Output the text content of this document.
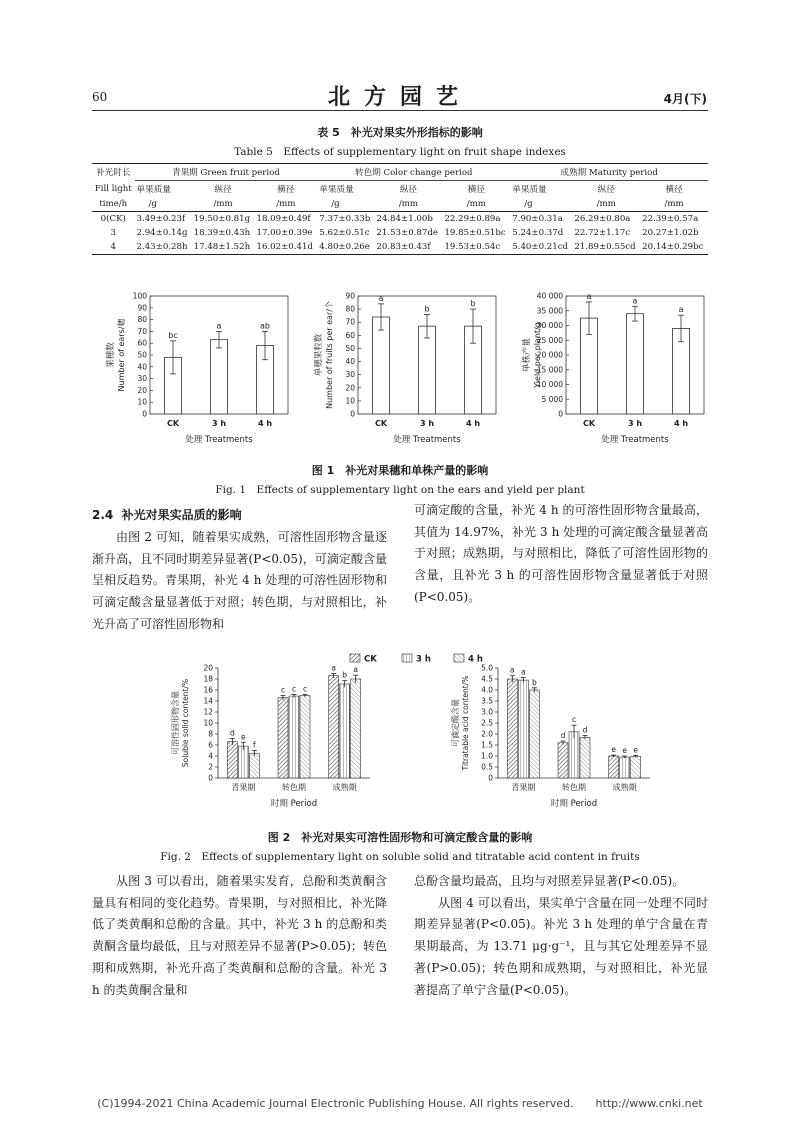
60	北方园艺	4月(下)
表 5　补光对果实外形指标的影响
Table 5　Effects of supplementary light on fruit shape indexes
补光时长	青果期 Green fruit period			转色期 Color change period			成熟期 Maturity period		
Fill light	单果质量	纵径	横径	单果质量	纵径	横径	单果质量	纵径	横径
time/h	/g	/mm	/mm	/g	/mm	/mm	/g	/mm	/mm
0(CK)	3.49±0.23f	19.50±0.81g	18.09±0.49f	7.37±0.33b	24.84±1.00b	22.29±0.89a	7.90±0.31a	26.29±0.80a	22.39±0.57a
3	2.94±0.14g	18.39±0.43h	17.00±0.39e	5.62±0.51c	21.53±0.87de	19.85±0.51bc	5.24±0.37d	22.72±1.17c	20.27±1.02b
4	2.43±0.28h	17.48±1.52h	16.02±0.41d	4.80±0.26e	20.83±0.43f	19.53±0.54c	5.40±0.21cd	21.89±0.55cd	20.14±0.29bc
0
10
20
30
40
50
60
70
80
90
100
bc
CK
a
3 h
ab
4 h
处理 Treatments
果穗数 Number of ears/穗
0
10
20
30
40
50
60
70
80
90	a
CK
b
3 h
b
4 h
处理 Treatments
单穗果粒数 Number of fruits per ear/个
0
5 000
10 000
15 000
20 000
25 000
30 000
35 000
40 000	a
CK
a
3 h
a
4 h
处理 Treatments
单株产量 Yield per plant/g
图 1　补光对果穗和单株产量的影响
Fig. 1　Effects of supplementary light on the ears and yield per plant
2.4 补光对果实品质的影响

由图 2 可知，随着果实成熟，可溶性固形物含量逐渐升高，且不同时期差异显著(P<0.05)，可滴定酸含量呈相反趋势。青果期，补光 4 h 处理的可溶性固形物和可滴定酸含量显著低于对照；转色期，与对照相比，补光升高了可溶性固形物和

可滴定酸的含量，补光 4 h 的可溶性固形物含量最高，其值为 14.97%，补光 3 h 处理的可滴定酸含量显著高于对照；成熟期，与对照相比，降低了可溶性固形物的含量，且补光 3 h 的可溶性固形物含量显著低于对照(P<0.05)。

CK	3 h	4 h
0
2
4
6
8
10
12
14
16
18
20
d e
f
青果期
c c c
转色期
a
b
a
成熟期
时期 Period
可溶性固形物含量 Soluble solid content/%
0
0.5
1.0
1.5
2.0
2.5
3.0
3.5
4.0
4.5
5.0 a a
b
青果期
d
c
d
转色期
e e e
成熟期
时期 Period
可滴定酸含量 Titratable acid content/%
图 2　补光对果实可溶性固形物和可滴定酸含量的影响
Fig. 2　Effects of supplementary light on soluble solid and titratable acid content in fruits

从图 3 可以看出，随着果实发育，总酚和类黄酮含量具有相同的变化趋势。青果期，与对照相比，补光降低了类黄酮和总酚的含量。其中，补光 3 h 的总酚和类黄酮含量均最低，且与对照差异不显著(P>0.05)；转色期和成熟期，补光升高了类黄酮和总酚的含量。补光 3 h 的类黄酮含量和

总酚含量均最高，且均与对照差异显著(P<0.05)。

从图 4 可以看出，果实单宁含量在同一处理不同时期差异显著(P<0.05)。补光 3 h 处理的单宁含量在青果期最高，为 13.71 μg·g⁻¹，且与其它处理差异不显著(P>0.05)；转色期和成熟期，与对照相比，补光显著提高了单宁含量(P<0.05)。

(C)1994-2021 China Academic Journal Electronic Publishing House. All rights reserved.　　http://www.cnki.net
